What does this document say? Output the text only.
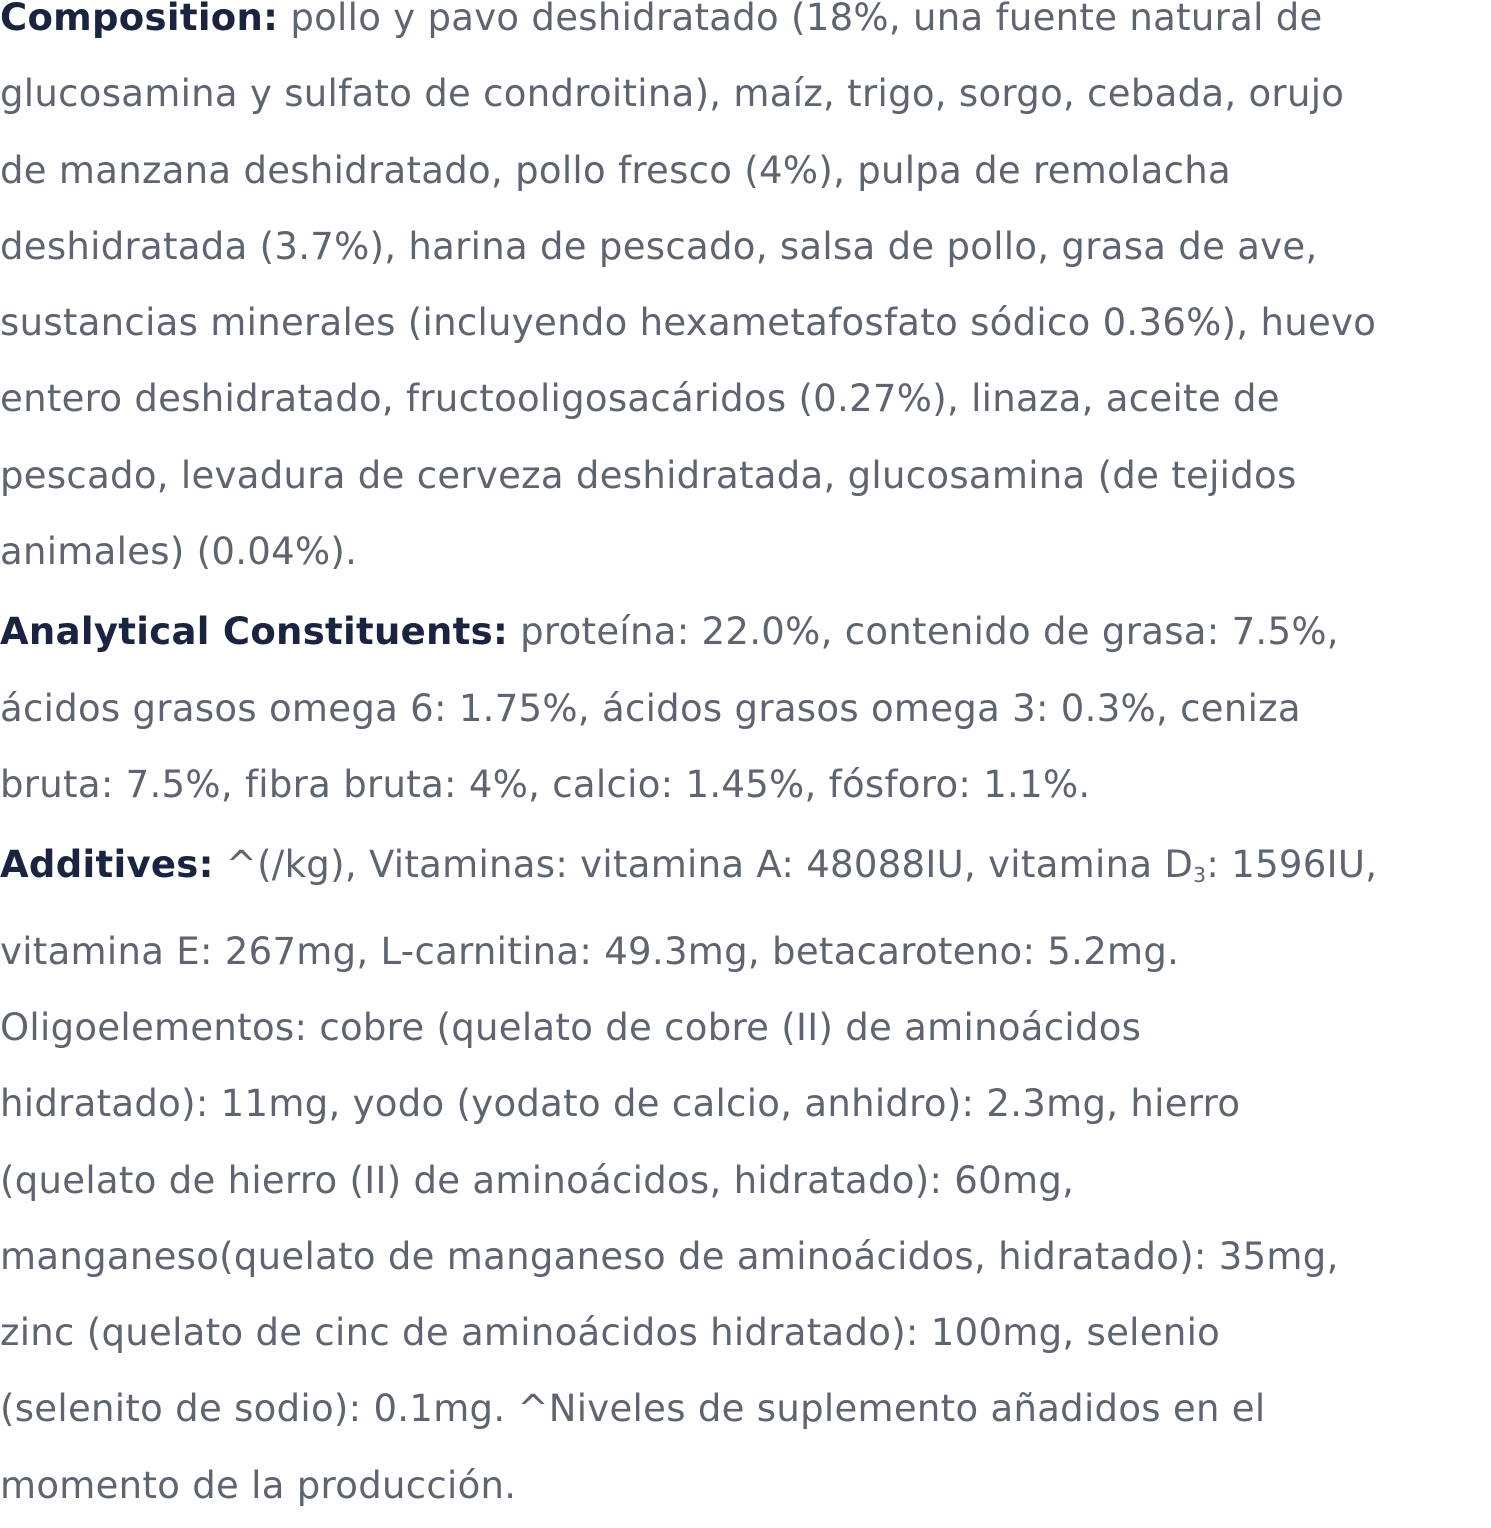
Composition: pollo y pavo deshidratado (18%, una fuente natural de
glucosamina y sulfato de condroitina), maíz, trigo, sorgo, cebada, orujo
de manzana deshidratado, pollo fresco (4%), pulpa de remolacha
deshidratada (3.7%), harina de pescado, salsa de pollo, grasa de ave,
sustancias minerales (incluyendo hexametafosfato sódico 0.36%), huevo
entero deshidratado, fructooligosacáridos (0.27%), linaza, aceite de
pescado, levadura de cerveza deshidratada, glucosamina (de tejidos
animales) (0.04%).
Analytical Constituents: proteína: 22.0%, contenido de grasa: 7.5%,
ácidos grasos omega 6: 1.75%, ácidos grasos omega 3: 0.3%, ceniza
bruta: 7.5%, fibra bruta: 4%, calcio: 1.45%, fósforo: 1.1%.
Additives: ^(/kg), Vitaminas: vitamina A: 48088IU, vitamina $D_3$: 1596IU,
vitamina E: 267mg, L-carnitina: 49.3mg, betacaroteno: 5.2mg.
Oligoelementos: cobre (quelato de cobre (II) de aminoácidos
hidratado): 11mg, yodo (yodato de calcio, anhidro): 2.3mg, hierro
(quelato de hierro (II) de aminoácidos, hidratado): 60mg,
manganeso(quelato de manganeso de aminoácidos, hidratado): 35mg,
zinc (quelato de cinc de aminoácidos hidratado): 100mg, selenio
(selenito de sodio): 0.1mg. ^Niveles de suplemento añadidos en el
momento de la producción.
